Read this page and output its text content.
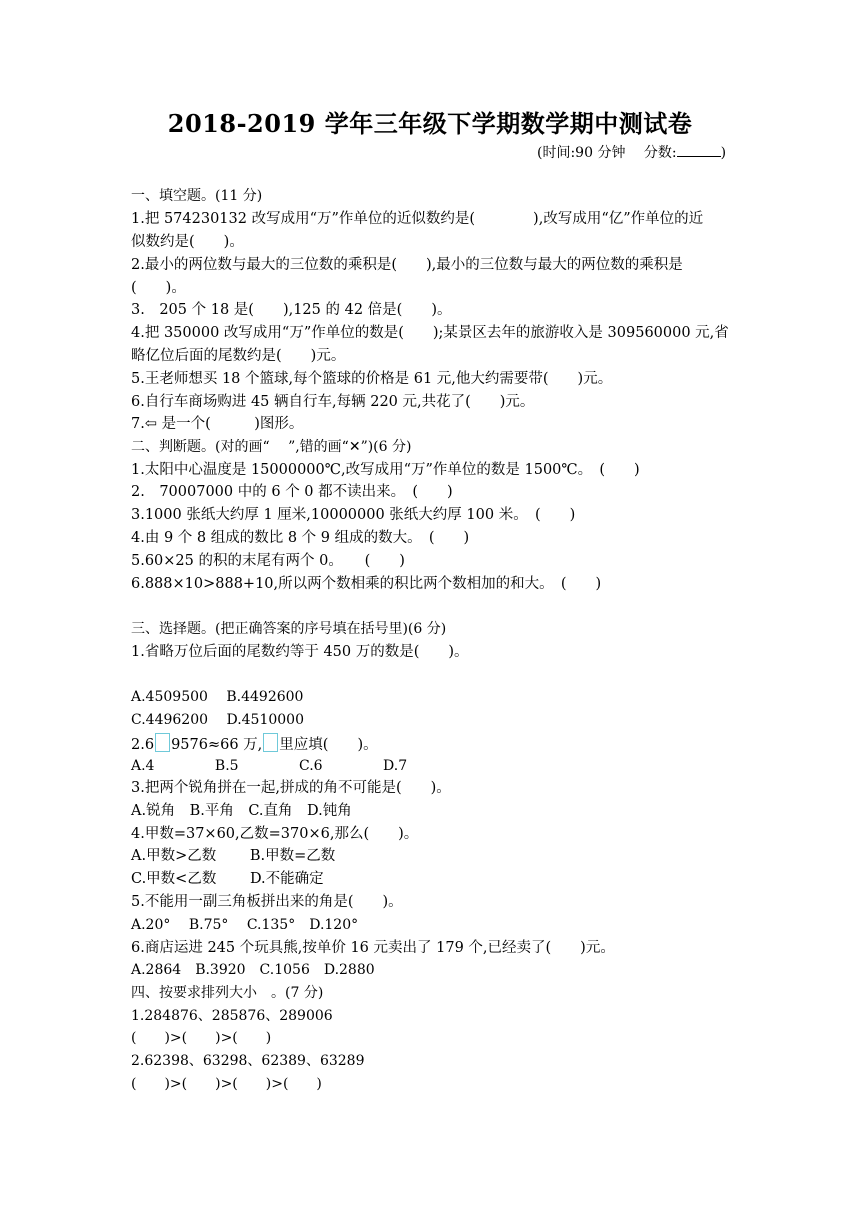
2018-2019 学年三年级下学期数学期中测试卷
(时间:90 分钟　 分数:	)
一、填空题。(11 分)
1.把 574230132 改写成用“万”作单位的近似数约是(　　　　),改写成用“亿”作单位的近
似数约是(　　)。
2.最小的两位数与最大的三位数的乘积是(　　),最小的三位数与最大的两位数的乘积是
(　　)。
3.　205 个 18 是(　　),125 的 42 倍是(　　)。
4.把 350000 改写成用“万”作单位的数是(　　);某景区去年的旅游收入是 309560000 元,省
略亿位后面的尾数约是(　　)元。
5.王老师想买 18 个篮球,每个篮球的价格是 61 元,他大约需要带(　　)元。
6.自行车商场购进 45 辆自行车,每辆 220 元,共花了(　　)元。
7.⇦ 是一个(　　　)图形。
二、判断题。(对的画“　 ”,错的画“✕”)(6 分)
1.太阳中心温度是 15000000℃,改写成用“万”作单位的数是 1500℃。　(　　)
2.　70007000 中的 6 个 0 都不读出来。　(　　)
3.1000 张纸大约厚 1 厘米,10000000 张纸大约厚 100 米。　(　　)
4.由 9 个 8 组成的数比 8 个 9 组成的数大。　(　　)
5.60×25 的积的末尾有两个 0。　　(　　)
6.888×10>888+10,所以两个数相乘的积比两个数相加的和大。　(　　)
三、选择题。(把正确答案的序号填在括号里)(6 分)
1.省略万位后面的尾数约等于 450 万的数是(　　)。
A.4509500　 B.4492600
C.4496200　 D.4510000
2.6 9576≈66 万, 里应填(　　)。
A.4　　　　 B.5　　　　 C.6　　　　 D.7
3.把两个锐角拼在一起,拼成的角不可能是(　　)。
A.锐角　B.平角　C.直角　D.钝角
4.甲数=37×60,乙数=370×6,那么(　　)。
A.甲数>乙数　　 B.甲数=乙数
C.甲数<乙数　　 D.不能确定
5.不能用一副三角板拼出来的角是(　　)。
A.20°　 B.75°　 C.135°　D.120°
6.商店运进 245 个玩具熊,按单价 16 元卖出了 179 个,已经卖了(　　)元。
A.2864　B.3920　C.1056　D.2880
四、按要求排列大小　。(7 分)
1.284876、285876、289006
(　　)>(　　)>(　　)
2.62398、63298、62389、63289
(　　)>(　　)>(　　)>(　　)
